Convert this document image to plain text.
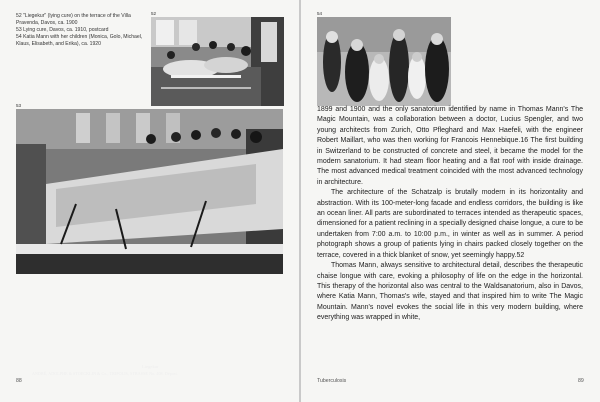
52 "Liegekur" (lying cure) on the terrace of the Villa Pravenda, Davos, ca. 1900

53 Lying cure, Davos, ca. 1910, postcard

54 Katia Mann with her children (Monica, Golo, Michael, Klaus, Elisabeth, and Erika), ca. 1920

52
53
Liegekur
ANDRÉ, ADOLPHE & STOECKLIN & Co., TRIPOLIS, STRASSE No. 408. Dépost.
88
54

1899 and 1900 and the only sanatorium identified by name in Thomas Mann's The Magic Mountain, was a collaboration between a doctor, Lucius Spengler, and two young architects from Zurich, Otto Pfleghard and Max Haefeli, with the engineer Robert Maillart, who was then working for Francois Hennebique.16 The first building in Switzerland to be constructed of concrete and steel, it became the model for the modern sanatorium. It had steam floor heating and a flat roof with inside drainage. The most advanced medical treatment coincided with the most advanced technology in architecture.

The architecture of the Schatzalp is brutally modern in its horizontality and abstraction. With its 100-meter-long facade and endless corridors, the building is like an ocean liner. All parts are subordinated to terraces intended as therapeutic spaces, dimensioned for a patient reclining in a specially designed chaise longue, a cure to be undertaken from 7:00 a.m. to 10:00 p.m., in winter as well as in summer. A period photograph shows a group of patients lying in chairs packed closely together on the terrace, covered in a thick blanket of snow, yet seemingly happy.52

Thomas Mann, always sensitive to architectural detail, describes the therapeutic chaise longue with care, evoking a philosophy of life on the edge in the horizontal. This therapy of the horizontal also was central to the Waldsanatorium, also in Davos, where Katia Mann, Thomas's wife, stayed and that inspired him to write The Magic Mountain. Mann's novel evokes the social life in this very modern building, where everything was wrapped in white,

Tuberculosis	89
